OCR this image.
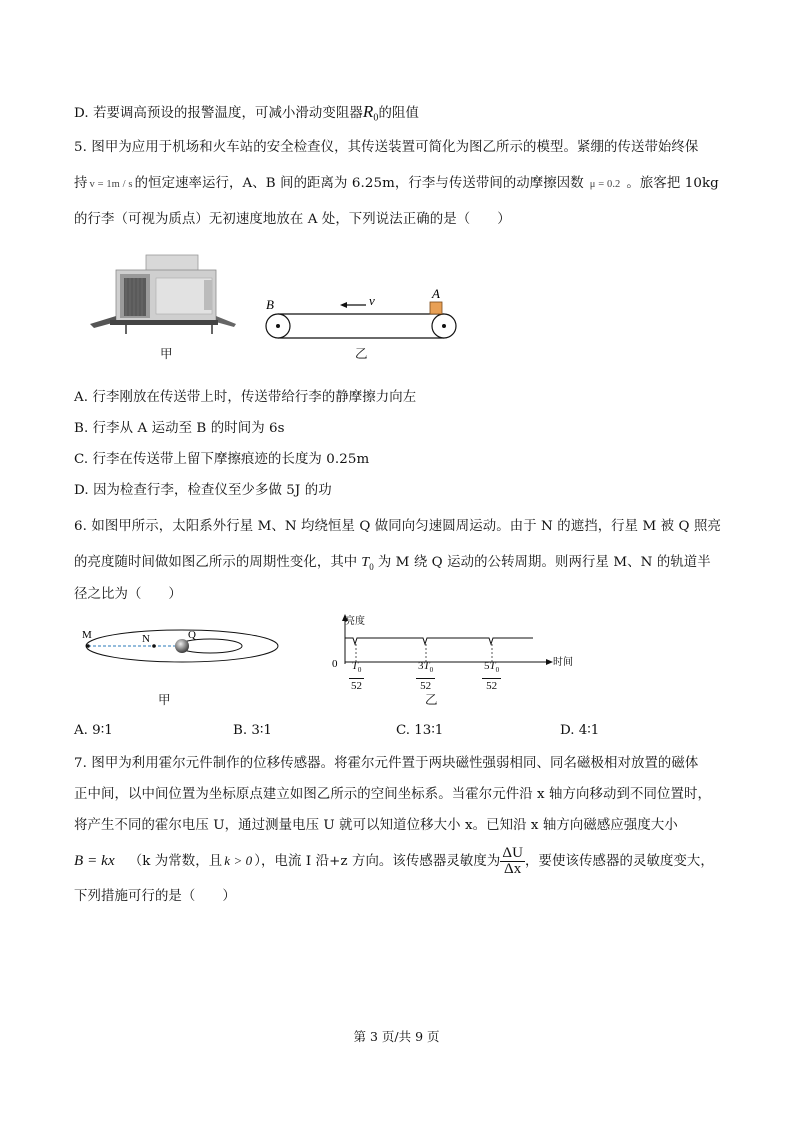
D. 若要调高预设的报警温度，可减小滑动变阻器$R_0$的阻值
5. 图甲为应用于机场和火车站的安全检查仪，其传送装置可简化为图乙所示的模型。紧绷的传送带始终保
持 v = 1m / s 的恒定速率运行，A、B 间的距离为 6.25m，行李与传送带间的动摩擦因数 μ = 0.2 。旅客把 10kg
的行李（可视为质点）无初速度地放在 A 处，下列说法正确的是（　　）
甲
B
A
v
乙
A. 行李刚放在传送带上时，传送带给行李的静摩擦力向左
B. 行李从 A 运动至 B 的时间为 6s
C. 行李在传送带上留下摩擦痕迹的长度为 0.25m
D. 因为检查行李，检查仪至少多做 5J 的功
6. 如图甲所示，太阳系外行星 M、N 均绕恒星 Q 做同向匀速圆周运动。由于 N 的遮挡，行星 M 被 Q 照亮
的亮度随时间做如图乙所示的周期性变化，其中 $T_0$ 为 M 绕 Q 运动的公转周期。则两行星 M、N 的轨道半
径之比为（　　）
M	N	Q
甲
亮度
时间
$0 \frac{T_0}{52}$	$\frac{3T_0}{52}$	$\frac{5T_0}{52}$
乙
A. 9∶1	B. 3∶1	C. 13∶1	D. 4∶1
7. 图甲为利用霍尔元件制作的位移传感器。将霍尔元件置于两块磁性强弱相同、同名磁极相对放置的磁体
正中间，以中间位置为坐标原点建立如图乙所示的空间坐标系。当霍尔元件沿 x 轴方向移动到不同位置时，
将产生不同的霍尔电压 U，通过测量电压 U 就可以知道位移大小 x。已知沿 x 轴方向磁感应强度大小
B = kx （k 为常数，且 k > 0 ），电流 I 沿+z 方向。该传感器灵敏度为 $\frac{\Delta U}{\Delta x}$ ，要使该传感器的灵敏度变大，
下列措施可行的是（　　）
第 3 页/共 9 页
